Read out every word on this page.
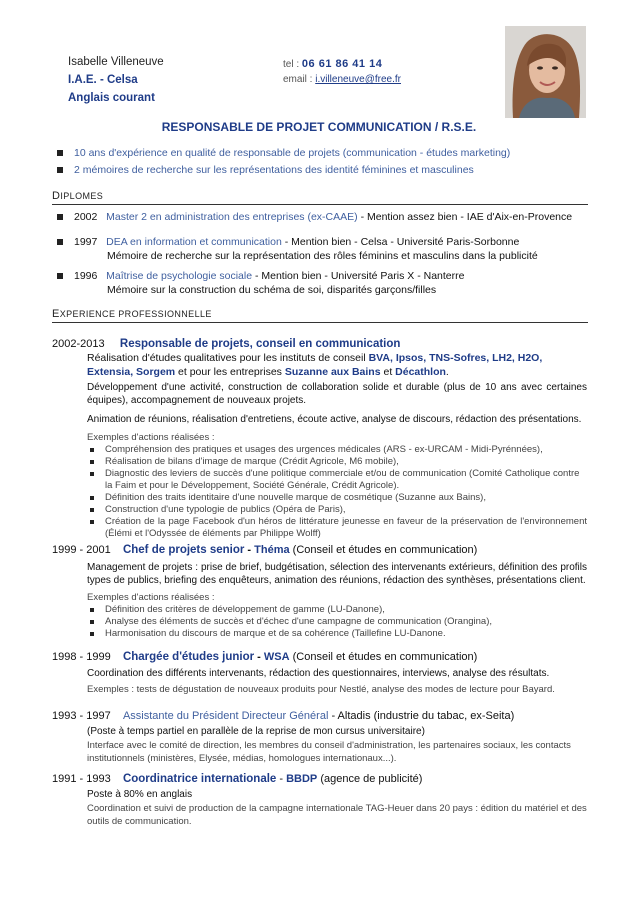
Isabelle Villeneuve
I.A.E. - Celsa
Anglais courant
tel : 06 61 86 41 14
email : i.villeneuve@free.fr
RESPONSABLE DE PROJET COMMUNICATION / R.S.E.
10 ans d'expérience en qualité de responsable de projets (communication - études marketing)
2 mémoires de recherche sur les représentations des identité féminines et masculines
DIPLOMES
2002 Master 2 en administration des entreprises (ex-CAAE) - Mention assez bien - IAE d'Aix-en-Provence
1997 DEA en information et communication - Mention bien - Celsa - Université Paris-Sorbonne
Mémoire de recherche sur la représentation des rôles féminins et masculins dans la publicité
1996 Maîtrise de psychologie sociale - Mention bien - Université Paris X - Nanterre
Mémoire sur la construction du schéma de soi, disparités garçons/filles
EXPERIENCE PROFESSIONNELLE
2002-2013 Responsable de projets, conseil en communication
Réalisation d'études qualitatives pour les instituts de conseil BVA, Ipsos, TNS-Sofres, LH2, H2O,
Extensia, Sorgem et pour les entreprises Suzanne aux Bains et Décathlon.
Développement d'une activité, construction de collaboration solide et durable (plus de 10 ans avec certaines équipes), accompagnement de nouveaux projets.
Animation de réunions, réalisation d'entretiens, écoute active, analyse de discours, rédaction des présentations.
Exemples d'actions réalisées :
Compréhension des pratiques et usages des urgences médicales (ARS - ex-URCAM - Midi-Pyrénnées),
Réalisation de bilans d'image de marque (Crédit Agricole, M6 mobile),
Diagnostic des leviers de succès d'une politique commerciale et/ou de communication (Comité Catholique contre la Faim et pour le Développement, Société Générale, Crédit Agricole).
Définition des traits identitaire d'une nouvelle marque de cosmétique (Suzanne aux Bains),
Construction d'une typologie de publics (Opéra de Paris),
Création de la page Facebook d'un héros de littérature jeunesse en faveur de la préservation de l'environnement (Élémi et l'Odyssée de éléments par Philippe Wolff)
1999 - 2001 Chef de projets senior - Théma (Conseil et études en communication)
Management de projets : prise de brief, budgétisation, sélection des intervenants extérieurs, définition des profils types de publics, briefing des enquêteurs, animation des réunions, rédaction des synthèses, présentations client.
Exemples d'actions réalisées :
Définition des critères de développement de gamme (LU-Danone),
Analyse des éléments de succès et d'échec d'une campagne de communication (Orangina),
Harmonisation du discours de marque et de sa cohérence (Taillefine LU-Danone.
1998 - 1999 Chargée d'études junior - WSA (Conseil et études en communication)
Coordination des différents intervenants, rédaction des questionnaires, interviews, analyse des résultats.
Exemples : tests de dégustation de nouveaux produits pour Nestlé, analyse des modes de lecture pour Bayard.
1993 - 1997 Assistante du Président Directeur Général - Altadis (industrie du tabac, ex-Seita)
(Poste à temps partiel en parallèle de la reprise de mon cursus universitaire)
Interface avec le comité de direction, les membres du conseil d'administration, les partenaires sociaux, les contacts institutionnels (ministères, Elysée, médias, homologues internationaux...).
1991 - 1993 Coordinatrice internationale - BBDP (agence de publicité)
Poste à 80% en anglais
Coordination et suivi de production de la campagne internationale TAG-Heuer dans 20 pays : édition du matériel et des outils de communication.
